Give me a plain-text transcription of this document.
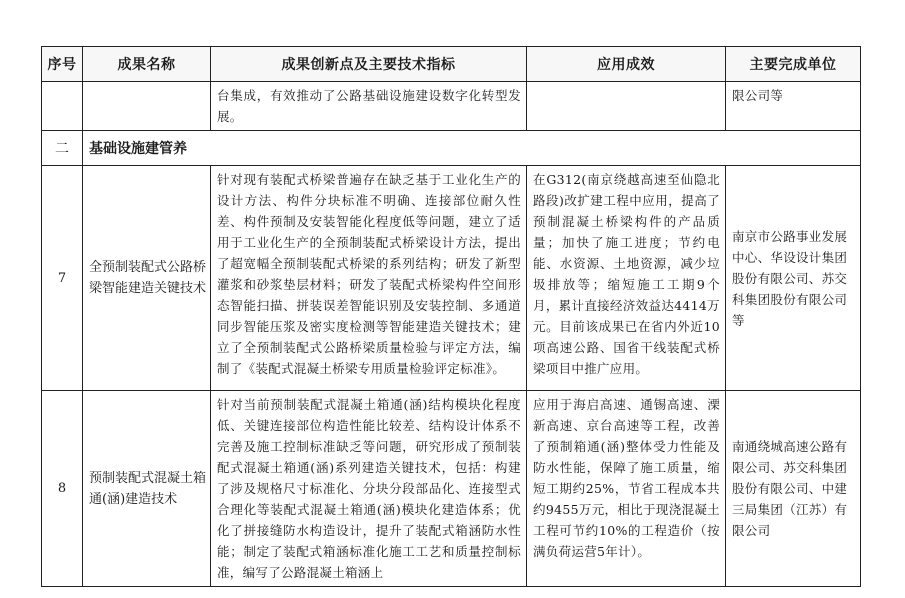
序号	成果名称	成果创新点及主要技术指标	应用成效	主要完成单位

		台集成，有效推动了公路基础设施建设数字化转型发展。		限公司等

二	基础设施建管养			
7	全预制装配式公路桥梁智能建造关键技术	针对现有装配式桥梁普遍存在缺乏基于工业化生产的设计方法、构件分块标准不明确、连接部位耐久性差、构件预制及安装智能化程度低等问题，建立了适用于工业化生产的全预制装配式桥梁设计方法，提出了超宽幅全预制装配式桥梁的系列结构；研发了新型灌浆和砂浆垫层材料；研发了装配式桥梁构件空间形态智能扫描、拼装误差智能识别及安装控制、多通道同步智能压浆及密实度检测等智能建造关键技术；建立了全预制装配式公路桥梁质量检验与评定方法，编制了《装配式混凝土桥梁专用质量检验评定标准》。	在G312(南京绕越高速至仙隐北路段)改扩建工程中应用，提高了预制混凝土桥梁构件的产品质量；加快了施工进度；节约电能、水资源、土地资源，减少垃圾排放等；缩短施工工期9个月，累计直接经济效益达4414万元。目前该成果已在省内外近10项高速公路、国省干线装配式桥梁项目中推广应用。	南京市公路事业发展中心、华设设计集团股份有限公司、苏交科集团股份有限公司等
8	预制装配式混凝土箱通(涵)建造技术	针对当前预制装配式混凝土箱通(涵)结构模块化程度低、关键连接部位构造性能比较差、结构设计体系不完善及施工控制标准缺乏等问题，研究形成了预制装配式混凝土箱通(涵)系列建造关键技术，包括：构建了涉及规格尺寸标准化、分块分段部品化、连接型式合理化等装配式混凝土箱通(涵)模块化建造体系；优化了拼接缝防水构造设计，提升了装配式箱涵防水性能；制定了装配式箱涵标准化施工工艺和质量控制标准，编写了公路混凝土箱涵上	应用于海启高速、通锡高速、溧新高速、京台高速等工程，改善了预制箱通(涵)整体受力性能及防水性能，保障了施工质量，缩短工期约25%，节省工程成本共约9455万元，相比于现浇混凝土工程可节约10%的工程造价（按满负荷运营5年计）。	南通绕城高速公路有限公司、苏交科集团股份有限公司、中建三局集团（江苏）有限公司
